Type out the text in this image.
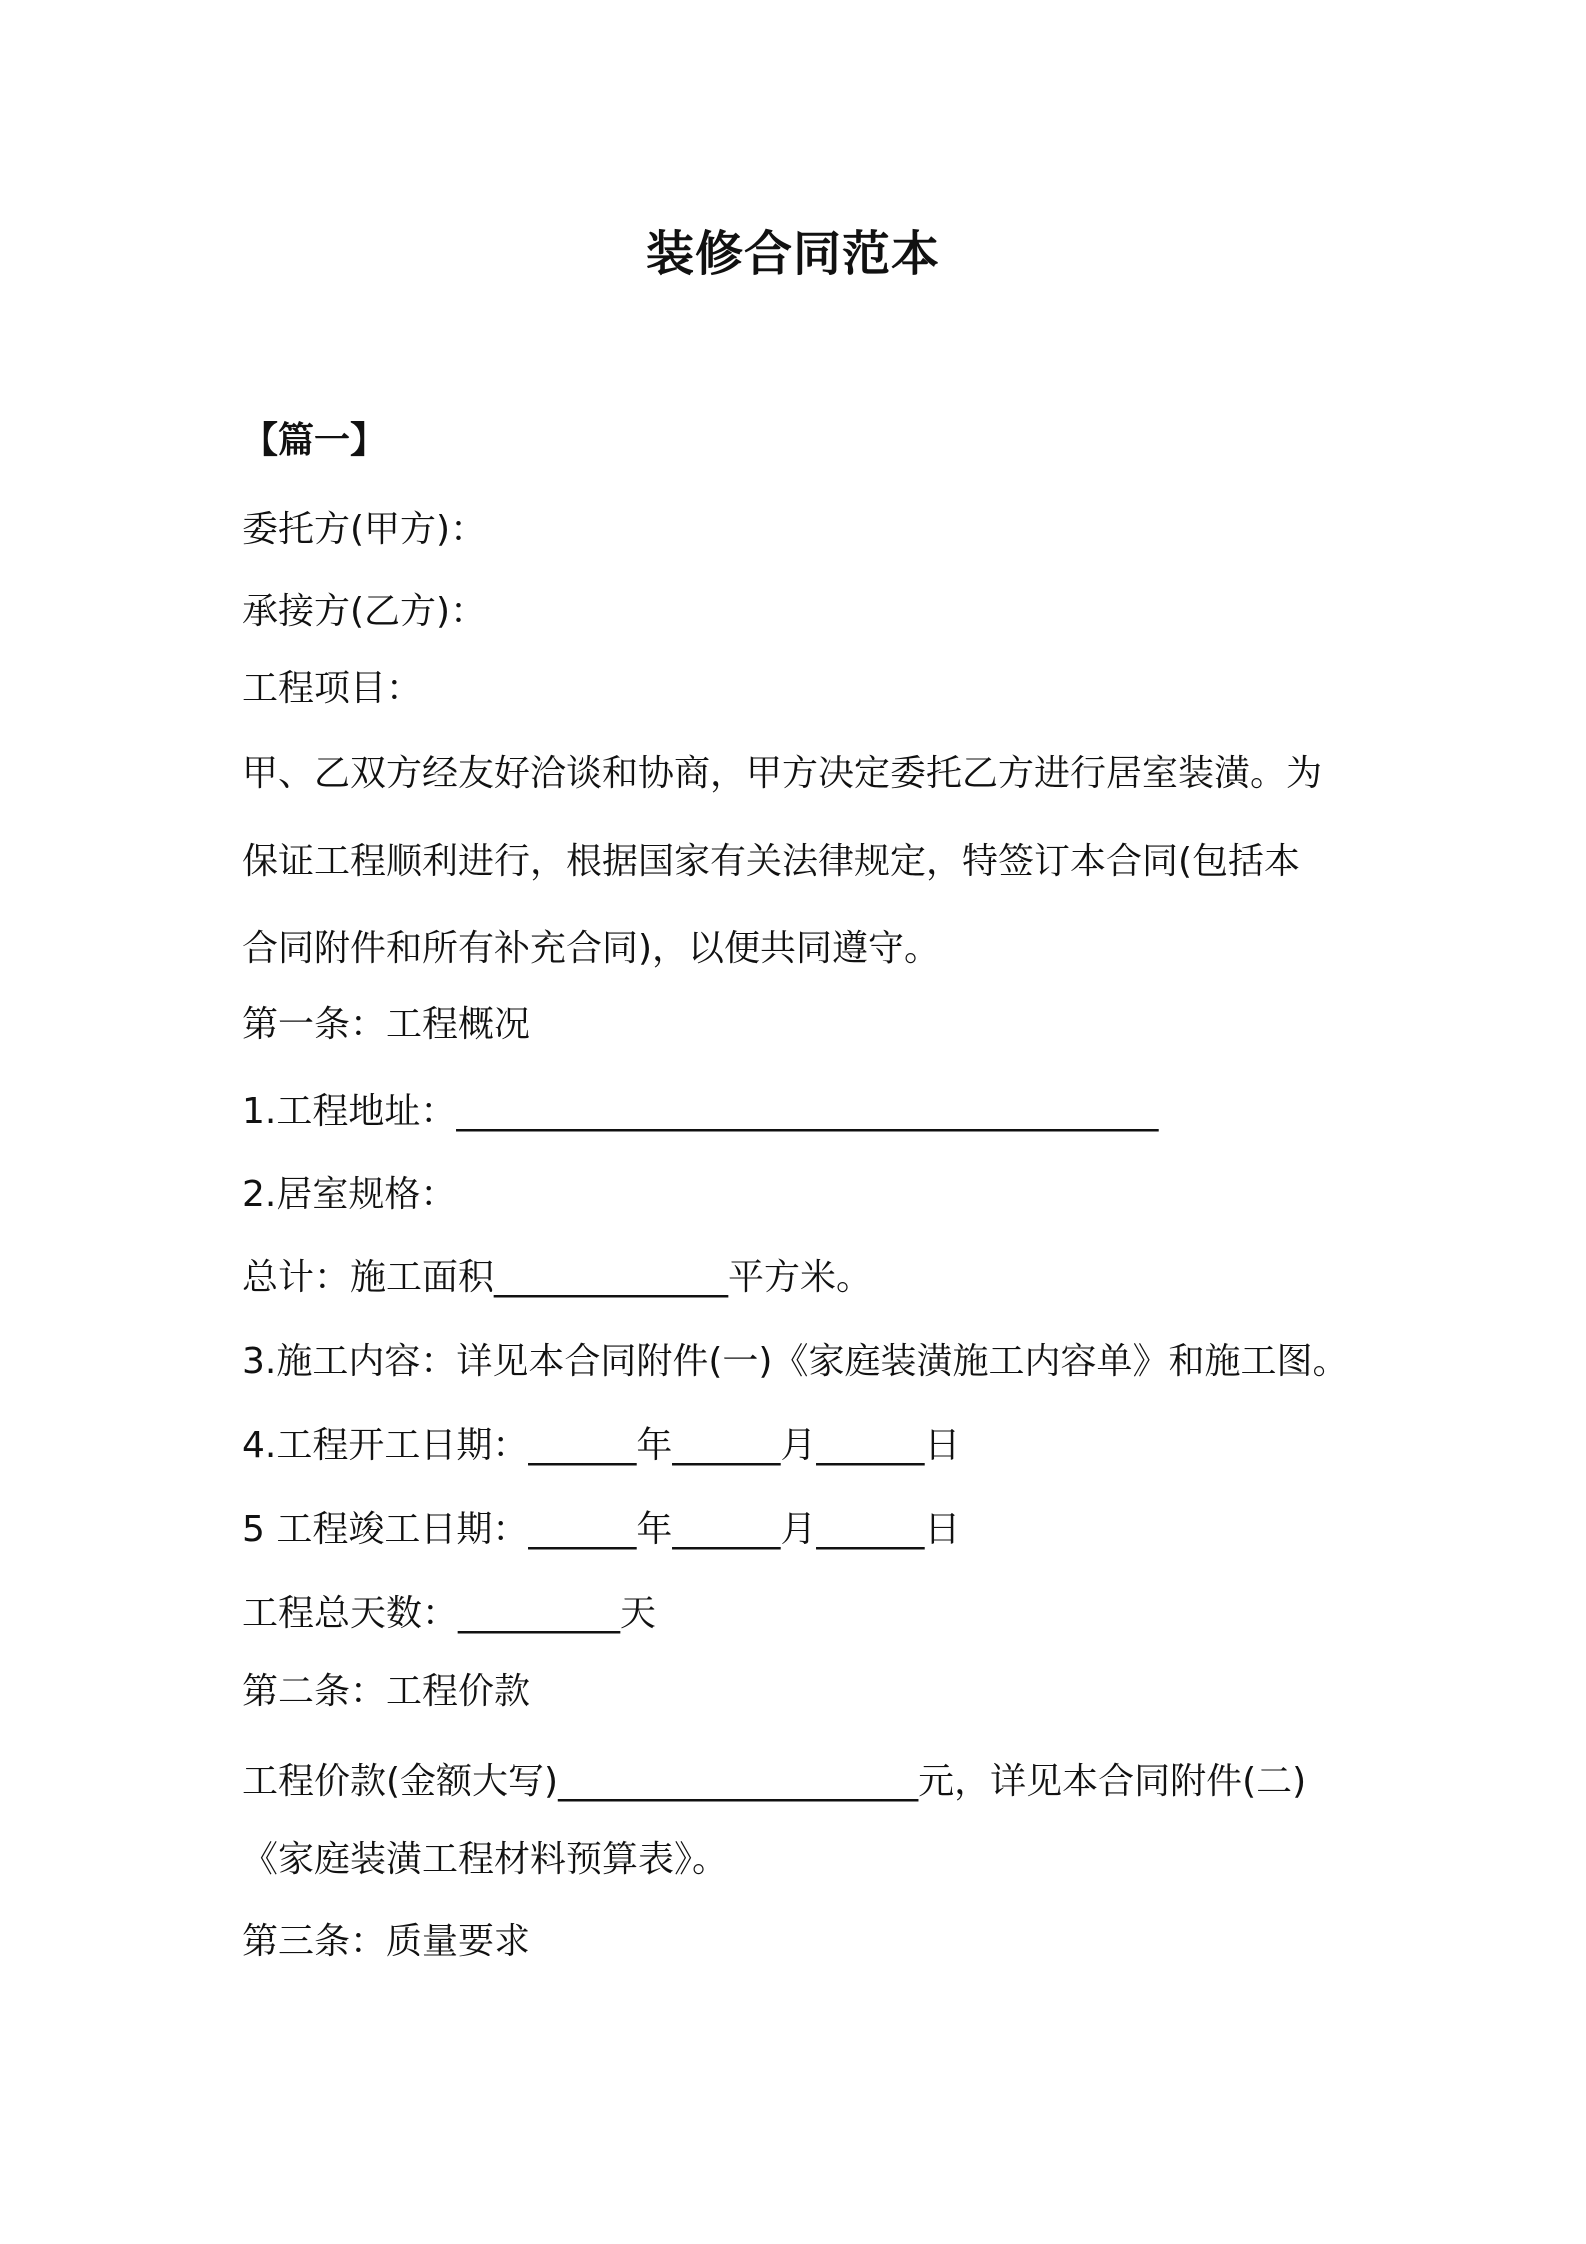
装修合同范本
【篇一】
委托方(甲方)：
承接方(乙方)：
工程项目：
甲、乙双方经友好洽谈和协商，甲方决定委托乙方进行居室装潢。为
保证工程顺利进行，根据国家有关法律规定，特签订本合同(包括本
合同附件和所有补充合同)，以便共同遵守。
第一条：工程概况
1.工程地址：_______________________________________
2.居室规格：
总计：施工面积_____________平方米。
3.施工内容：详见本合同附件(一)《家庭装潢施工内容单》和施工图。
4.工程开工日期：______年______月______日
5 工程竣工日期：______年______月______日
工程总天数：_________天
第二条：工程价款
工程价款(金额大写)____________________元，详见本合同附件(二)
《家庭装潢工程材料预算表》。
第三条：质量要求
